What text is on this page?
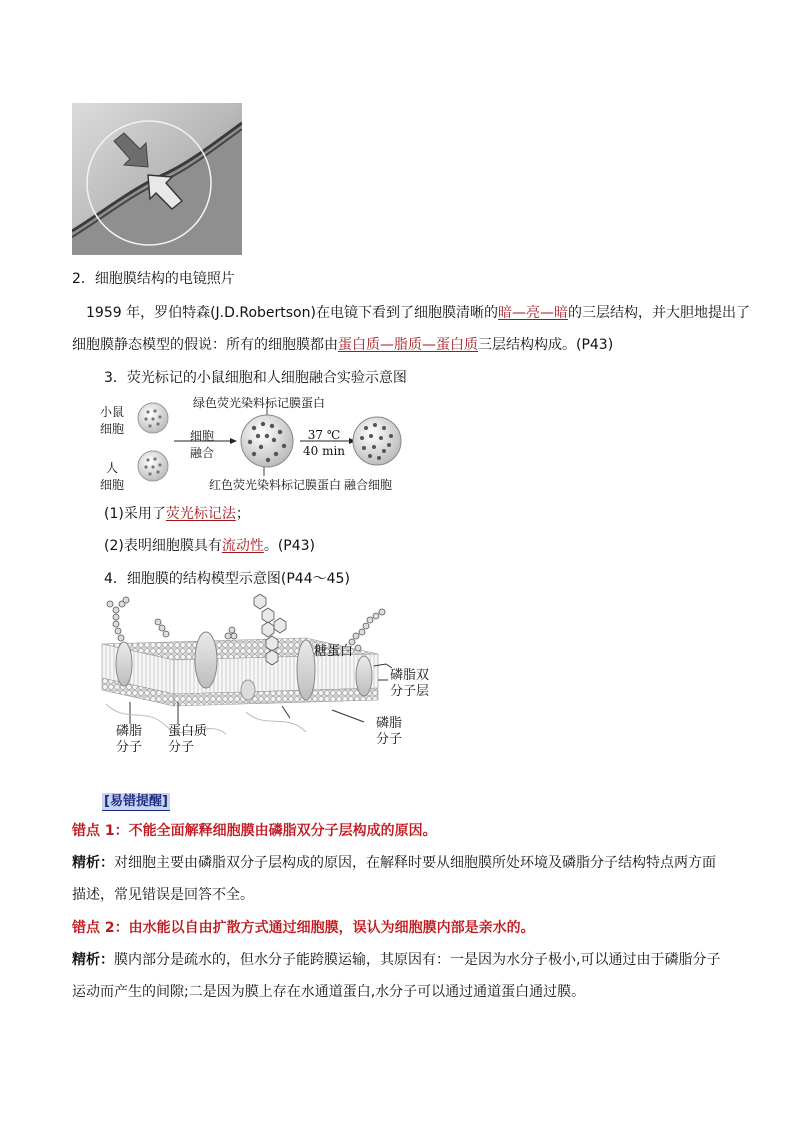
2．细胞膜结构的电镜照片
1959 年，罗伯特森(J.D.Robertson)在电镜下看到了细胞膜清晰的暗—亮—暗的三层结构，并大胆地提出了
细胞膜静态模型的假说：所有的细胞膜都由蛋白质—脂质—蛋白质三层结构构成。(P43)
3．荧光标记的小鼠细胞和人细胞融合实验示意图
小鼠
细胞
人
细胞
细胞
融合
绿色荧光染料标记膜蛋白
红色荧光染料标记膜蛋白
37 ℃
40 min
融合细胞
(1)采用了荧光标记法；
(2)表明细胞膜具有流动性。(P43)
4．细胞膜的结构模型示意图(P44～45)
糖蛋白
磷脂双
分子层
磷脂
分子
蛋白质
分子
磷脂
分子
[易错提醒]
错点 1：不能全面解释细胞膜由磷脂双分子层构成的原因。
精析：对细胞主要由磷脂双分子层构成的原因，在解释时要从细胞膜所处环境及磷脂分子结构特点两方面
描述，常见错误是回答不全。
错点 2：由水能以自由扩散方式通过细胞膜，误认为细胞膜内部是亲水的。
精析：膜内部分是疏水的，但水分子能跨膜运输，其原因有：一是因为水分子极小,可以通过由于磷脂分子
运动而产生的间隙;二是因为膜上存在水通道蛋白,水分子可以通过通道蛋白通过膜。
